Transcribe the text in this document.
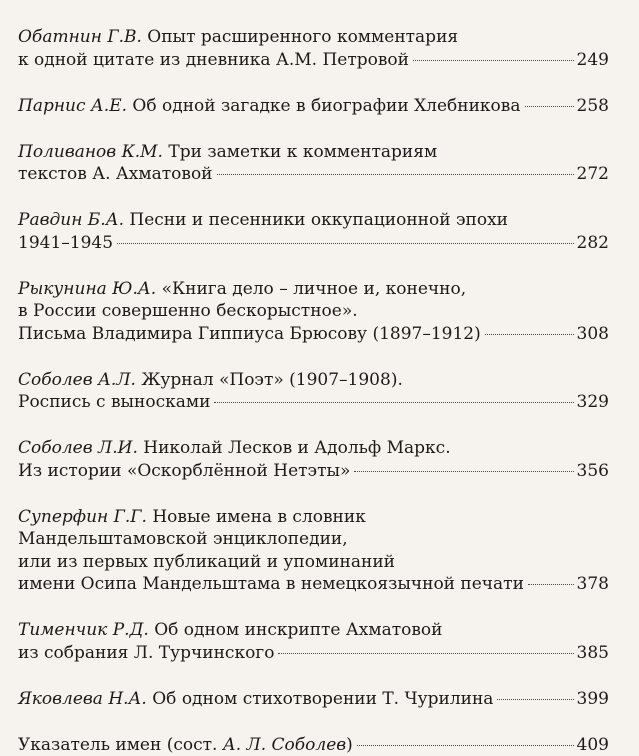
Обатнин Г.В. Опыт расширенного комментария
к одной цитате из дневника А.М. Петровой	249
Парнис А.Е. Об одной загадке в биографии Хлебникова	258
Поливанов К.М. Три заметки к комментариям
текстов А. Ахматовой	272
Равдин Б.А. Песни и песенники оккупационной эпохи
1941–1945	282
Рыкунина Ю.А. «Книга дело – личное и, конечно,
в России совершенно бескорыстное».
Письма Владимира Гиппиуса Брюсову (1897–1912)	308
Соболев А.Л. Журнал «Поэт» (1907–1908).
Роспись с выносками	329
Соболев Л.И. Николай Лесков и Адольф Маркс.
Из истории «Оскорблённой Нетэты»	356
Суперфин Г.Г. Новые имена в словник
Мандельштамовской энциклопедии,
или из первых публикаций и упоминаний
имени Осипа Мандельштама в немецкоязычной печати	378
Тименчик Р.Д. Об одном инскрипте Ахматовой
из собрания Л. Турчинского	385
Яковлева Н.А. Об одном стихотворении Т. Чурилина	399
Указатель имен (сост. А. Л. Соболев)	409
